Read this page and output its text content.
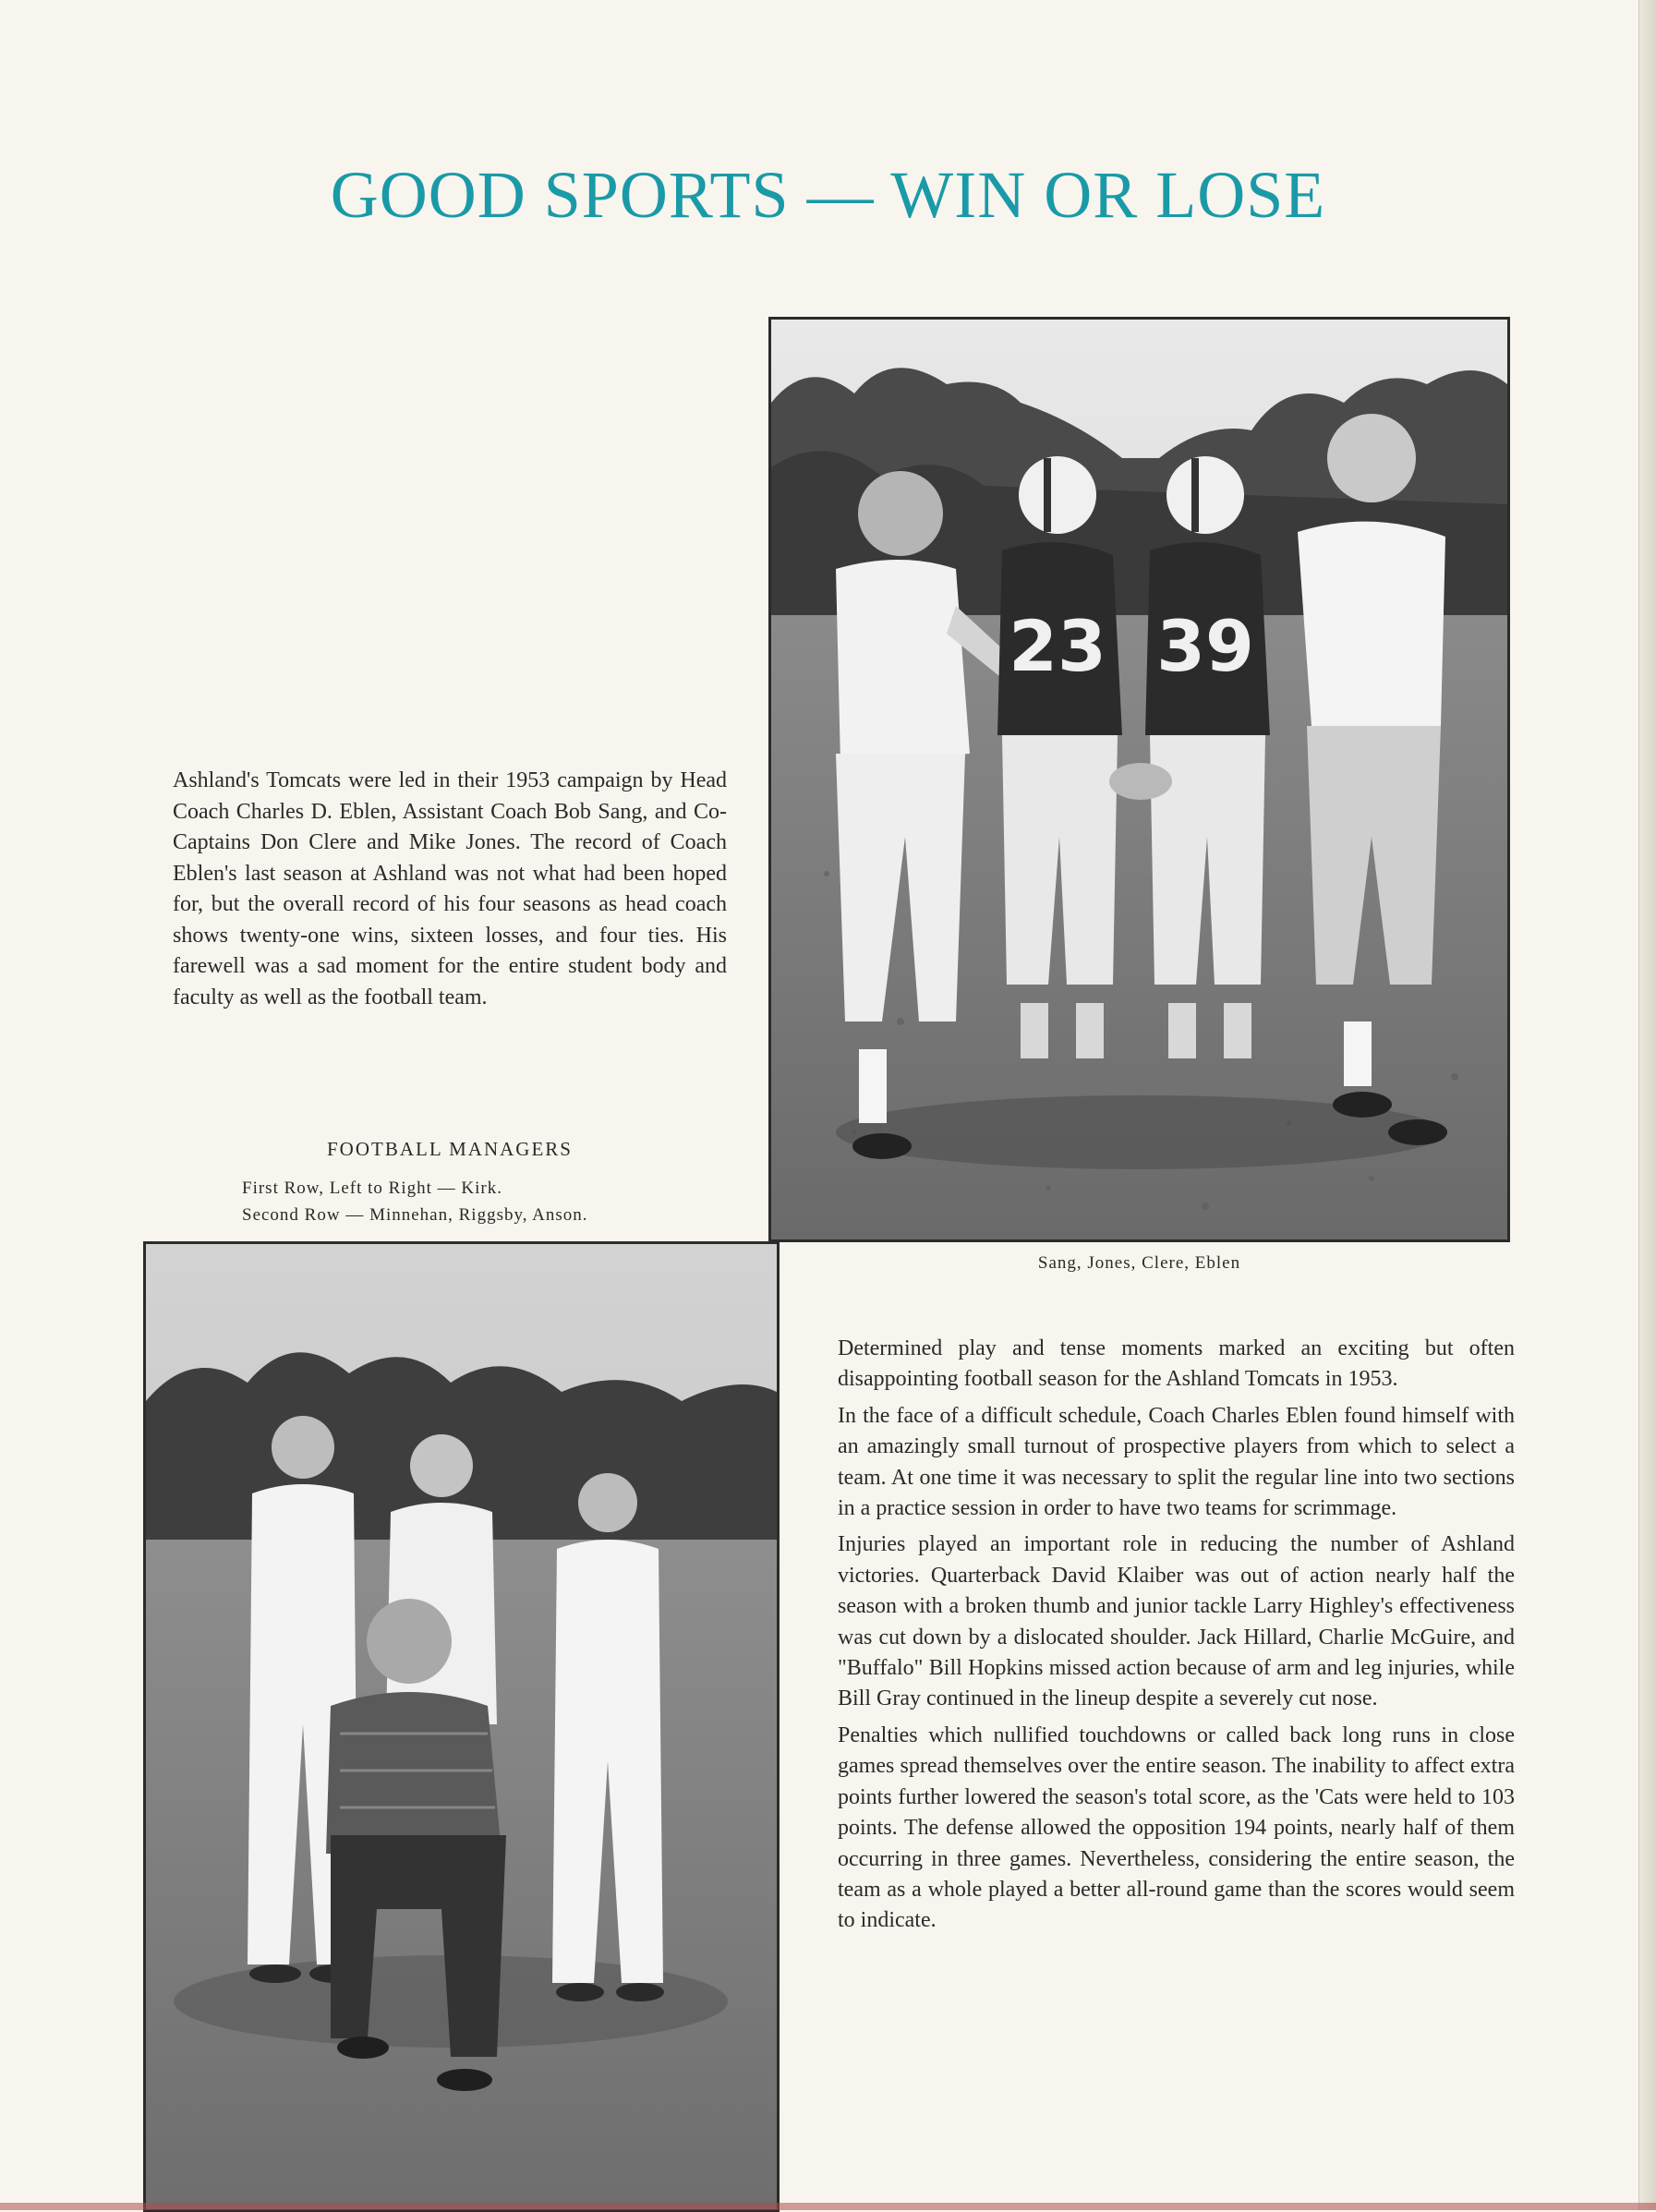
GOOD SPORTS — WIN OR LOSE
23 39
Sang, Jones, Clere, Eblen
Ashland's Tomcats were led in their 1953 campaign by Head Coach Charles D. Eblen, Assistant Coach Bob Sang, and Co-Captains Don Clere and Mike Jones. The record of Coach Eblen's last season at Ashland was not what had been hoped for, but the overall record of his four seasons as head coach shows twenty-one wins, sixteen losses, and four ties. His farewell was a sad moment for the entire student body and faculty as well as the football team.
FOOTBALL MANAGERS
First Row, Left to Right — Kirk.
Second Row — Minnehan, Riggsby, Anson.

Determined play and tense moments marked an exciting but often disappointing football season for the Ashland Tomcats in 1953.

In the face of a difficult schedule, Coach Charles Eblen found himself with an amazingly small turnout of prospective players from which to select a team. At one time it was necessary to split the regular line into two sections in a practice session in order to have two teams for scrimmage.

Injuries played an important role in reducing the number of Ashland victories. Quarterback David Klaiber was out of action nearly half the season with a broken thumb and junior tackle Larry Highley's effectiveness was cut down by a dislocated shoulder. Jack Hillard, Charlie McGuire, and "Buffalo" Bill Hopkins missed action because of arm and leg injuries, while Bill Gray continued in the lineup despite a severely cut nose.

Penalties which nullified touchdowns or called back long runs in close games spread themselves over the entire season. The inability to affect extra points further lowered the season's total score, as the 'Cats were held to 103 points. The defense allowed the opposition 194 points, nearly half of them occurring in three games. Nevertheless, considering the entire season, the team as a whole played a better all-round game than the scores would seem to indicate.
